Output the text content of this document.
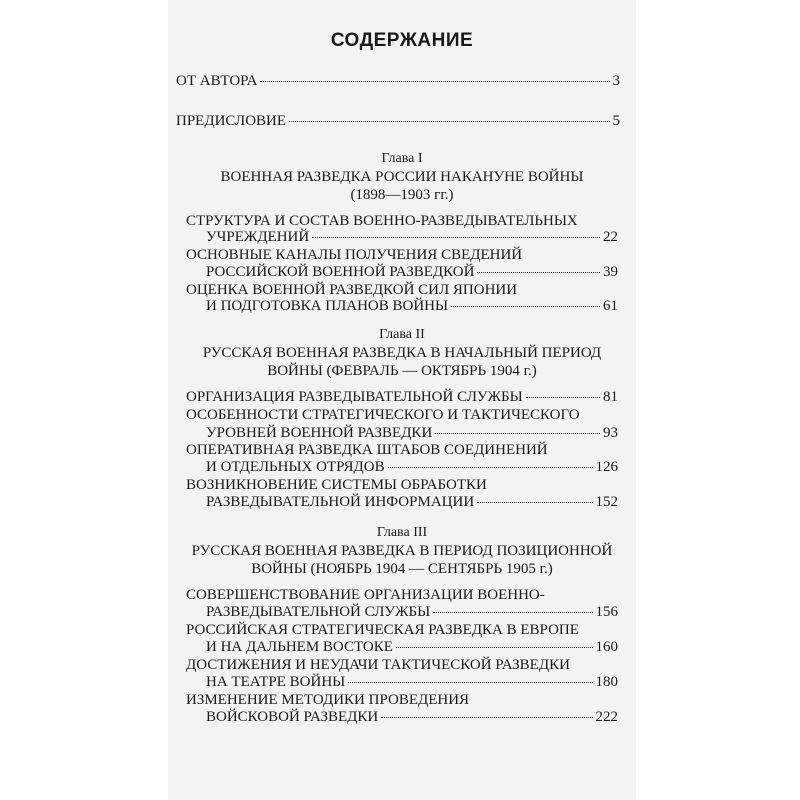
СОДЕРЖАНИЕ
ОТ АВТОРА	3
ПРЕДИСЛОВИЕ	5
Глава I
ВОЕННАЯ РАЗВЕДКА РОССИИ НАКАНУНЕ ВОЙНЫ
(1898—1903 гг.)
СТРУКТУРА И СОСТАВ ВОЕННО-РАЗВЕДЫВАТЕЛЬНЫХ
УЧРЕЖДЕНИЙ	22
ОСНОВНЫЕ КАНАЛЫ ПОЛУЧЕНИЯ СВЕДЕНИЙ
РОССИЙСКОЙ ВОЕННОЙ РАЗВЕДКОЙ	39
ОЦЕНКА ВОЕННОЙ РАЗВЕДКОЙ СИЛ ЯПОНИИ
И ПОДГОТОВКА ПЛАНОВ ВОЙНЫ	61
Глава II
РУССКАЯ ВОЕННАЯ РАЗВЕДКА В НАЧАЛЬНЫЙ ПЕРИОД
ВОЙНЫ (ФЕВРАЛЬ — ОКТЯБРЬ 1904 г.)
ОРГАНИЗАЦИЯ РАЗВЕДЫВАТЕЛЬНОЙ СЛУЖБЫ	81
ОСОБЕННОСТИ СТРАТЕГИЧЕСКОГО И ТАКТИЧЕСКОГО
УРОВНЕЙ ВОЕННОЙ РАЗВЕДКИ	93
ОПЕРАТИВНАЯ РАЗВЕДКА ШТАБОВ СОЕДИНЕНИЙ
И ОТДЕЛЬНЫХ ОТРЯДОВ	126
ВОЗНИКНОВЕНИЕ СИСТЕМЫ ОБРАБОТКИ
РАЗВЕДЫВАТЕЛЬНОЙ ИНФОРМАЦИИ	152
Глава III
РУССКАЯ ВОЕННАЯ РАЗВЕДКА В ПЕРИОД ПОЗИЦИОННОЙ
ВОЙНЫ (НОЯБРЬ 1904 — СЕНТЯБРЬ 1905 г.)
СОВЕРШЕНСТВОВАНИЕ ОРГАНИЗАЦИИ ВОЕННО-
РАЗВЕДЫВАТЕЛЬНОЙ СЛУЖБЫ	156
РОССИЙСКАЯ СТРАТЕГИЧЕСКАЯ РАЗВЕДКА В ЕВРОПЕ
И НА ДАЛЬНЕМ ВОСТОКЕ	160
ДОСТИЖЕНИЯ И НЕУДАЧИ ТАКТИЧЕСКОЙ РАЗВЕДКИ
НА ТЕАТРЕ ВОЙНЫ	180
ИЗМЕНЕНИЕ МЕТОДИКИ ПРОВЕДЕНИЯ
ВОЙСКОВОЙ РАЗВЕДКИ	222
